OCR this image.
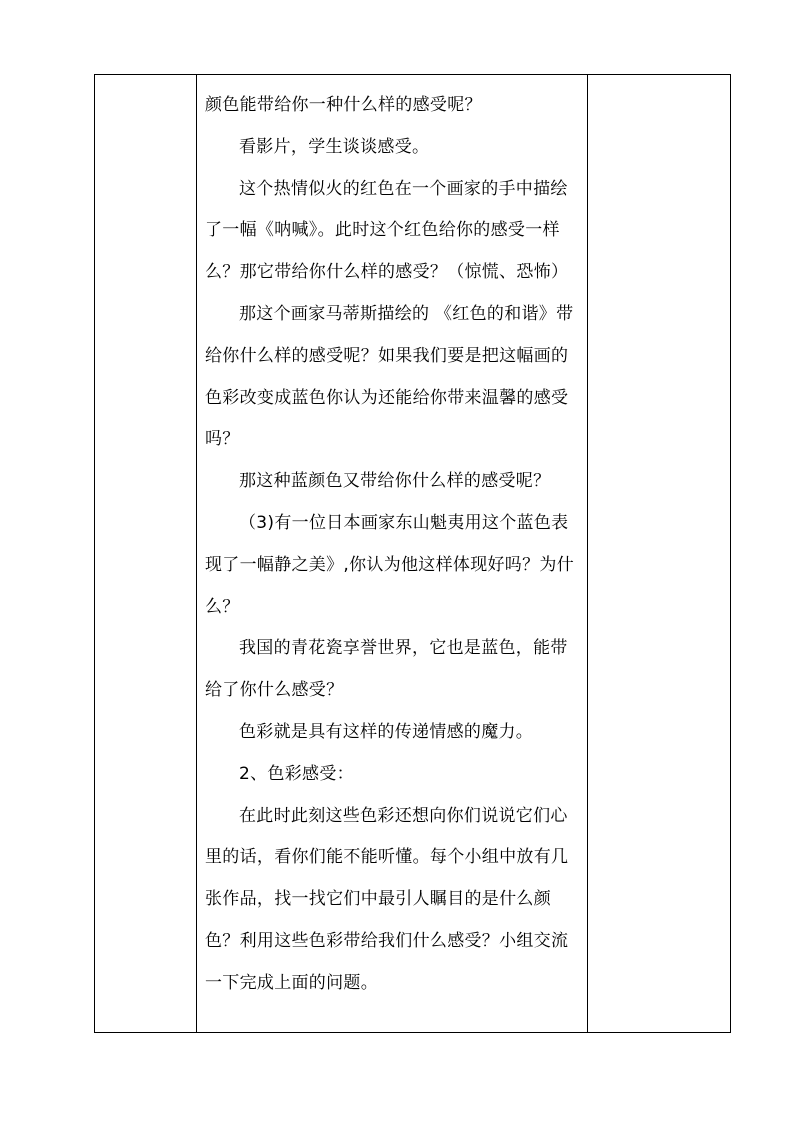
颜色能带给你一种什么样的感受呢？

看影片，学生谈谈感受。

这个热情似火的红色在一个画家的手中描绘了一幅《呐喊》。此时这个红色给你的感受一样么？那它带给你什么样的感受？（惊慌、恐怖）

那这个画家马蒂斯描绘的 《红色的和谐》带给你什么样的感受呢？如果我们要是把这幅画的色彩改变成蓝色你认为还能给你带来温馨的感受吗？

那这种蓝颜色又带给你什么样的感受呢？

（3)有一位日本画家东山魁夷用这个蓝色表现了一幅静之美》,你认为他这样体现好吗？为什么？

我国的青花瓷享誉世界，它也是蓝色，能带给了你什么感受？

色彩就是具有这样的传递情感的魔力。

2、色彩感受：

在此时此刻这些色彩还想向你们说说它们心里的话，看你们能不能听懂。每个小组中放有几张作品，找一找它们中最引人瞩目的是什么颜色？利用这些色彩带给我们什么感受？小组交流一下完成上面的问题。
